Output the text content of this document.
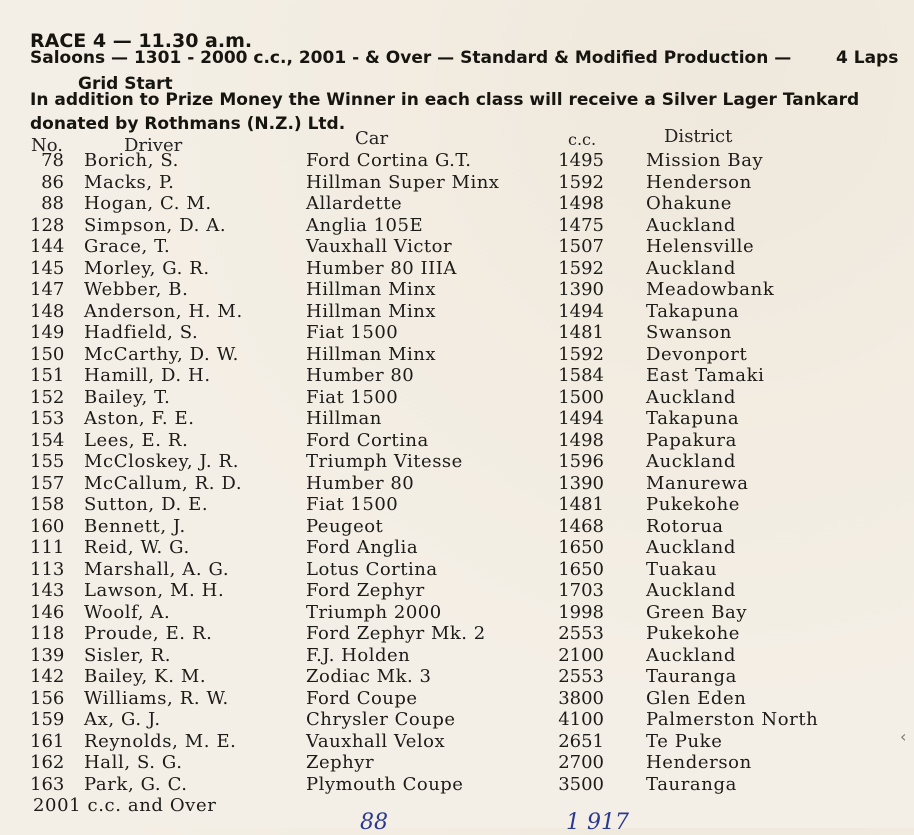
RACE 4 — 11.30 a.m.
Saloons — 1301 - 2000 c.c., 2001 - & Over — Standard & Modified Production —	4 Laps
Grid Start
In addition to Prize Money the Winner in each class will receive a Silver Lager Tankard
donated by Rothmans (N.Z.) Ltd.
No.	Driver	Car	c.c.	District
78 Borich, S.	Ford Cortina G.T.	1495 Mission Bay
86 Macks, P.	Hillman Super Minx	1592 Henderson
88 Hogan, C. M.	Allardette	1498 Ohakune
128 Simpson, D. A.	Anglia 105E	1475 Auckland
144 Grace, T.	Vauxhall Victor	1507 Helensville
145 Morley, G. R.	Humber 80 IIIA	1592 Auckland
147 Webber, B.	Hillman Minx	1390 Meadowbank
148 Anderson, H. M.	Hillman Minx	1494 Takapuna
149 Hadfield, S.	Fiat 1500	1481 Swanson
150 McCarthy, D. W.	Hillman Minx	1592 Devonport
151 Hamill, D. H.	Humber 80	1584 East Tamaki
152 Bailey, T.	Fiat 1500	1500 Auckland
153 Aston, F. E.	Hillman	1494 Takapuna
154 Lees, E. R.	Ford Cortina	1498 Papakura
155 McCloskey, J. R.	Triumph Vitesse	1596 Auckland
157 McCallum, R. D.	Humber 80	1390 Manurewa
158 Sutton, D. E.	Fiat 1500	1481 Pukekohe
160 Bennett, J.	Peugeot	1468 Rotorua
111 Reid, W. G.	Ford Anglia	1650 Auckland
113 Marshall, A. G.	Lotus Cortina	1650 Tuakau
143 Lawson, M. H.	Ford Zephyr	1703 Auckland
146 Woolf, A.	Triumph 2000	1998 Green Bay
118 Proude, E. R.	Ford Zephyr Mk. 2	2553 Pukekohe
139 Sisler, R.	F.J. Holden	2100 Auckland
142 Bailey, K. M.	Zodiac Mk. 3	2553 Tauranga
156 Williams, R. W.	Ford Coupe	3800 Glen Eden
159 Ax, G. J.	Chrysler Coupe	4100 Palmerston North
161 Reynolds, M. E.	Vauxhall Velox	2651 Te Puke
162 Hall, S. G.	Zephyr	2700 Henderson
163 Park, G. C.	Plymouth Coupe	3500 Tauranga
2001 c.c. and Over
88	1 917
‹
